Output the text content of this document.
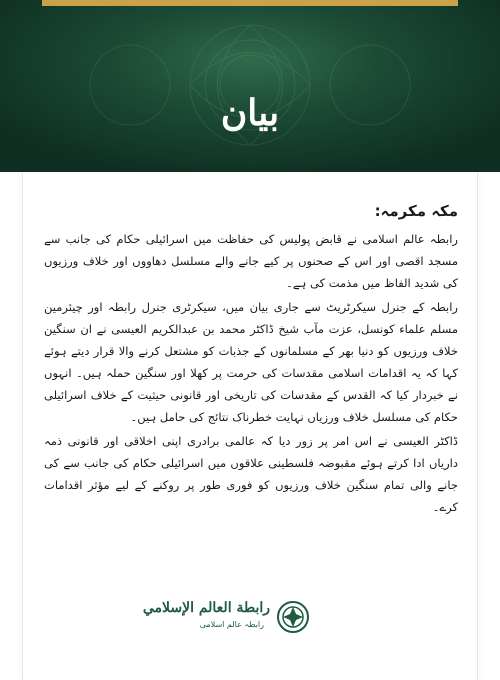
بیان
مکہ مکرمہ:

رابطہ عالم اسلامی نے قابض پولیس کی حفاظت میں اسرائیلی حکام کی جانب سے مسجد اقصی اور اس کے صحنوں پر کیے جانے والے مسلسل دھاووں اور خلاف ورزیوں کی شدید الفاظ میں مذمت کی ہے۔

رابطہ کے جنرل سیکرٹریٹ سے جاری بیان میں، سیکرٹری جنرل رابطہ اور چیئرمین مسلم علماء کونسل، عزت مآب شیخ ڈاکٹر محمد بن عبدالکریم العیسی نے ان سنگین خلاف ورزیوں کو دنیا بھر کے مسلمانوں کے جذبات کو مشتعل کرنے والا قرار دیتے ہوئے کہا کہ یہ اقدامات اسلامی مقدسات کی حرمت پر کھلا اور سنگین حملہ ہیں۔ انہوں نے خبردار کیا کہ القدس کے مقدسات کی تاریخی اور قانونی حیثیت کے خلاف اسرائیلی حکام کی مسلسل خلاف ورزیاں نہایت خطرناک نتائج کی حامل ہیں۔

ڈاکٹر العیسی نے اس امر پر زور دیا کہ عالمی برادری اپنی اخلاقی اور قانونی ذمہ داریاں ادا کرتے ہوئے مقبوضہ فلسطینی علاقوں میں اسرائیلی حکام کی جانب سے کی جانے والی تمام سنگین خلاف ورزیوں کو فوری طور پر روکنے کے لیے مؤثر اقدامات کرے۔

رابطة العالم الإسلامي
رابطہ عالم اسلامی
